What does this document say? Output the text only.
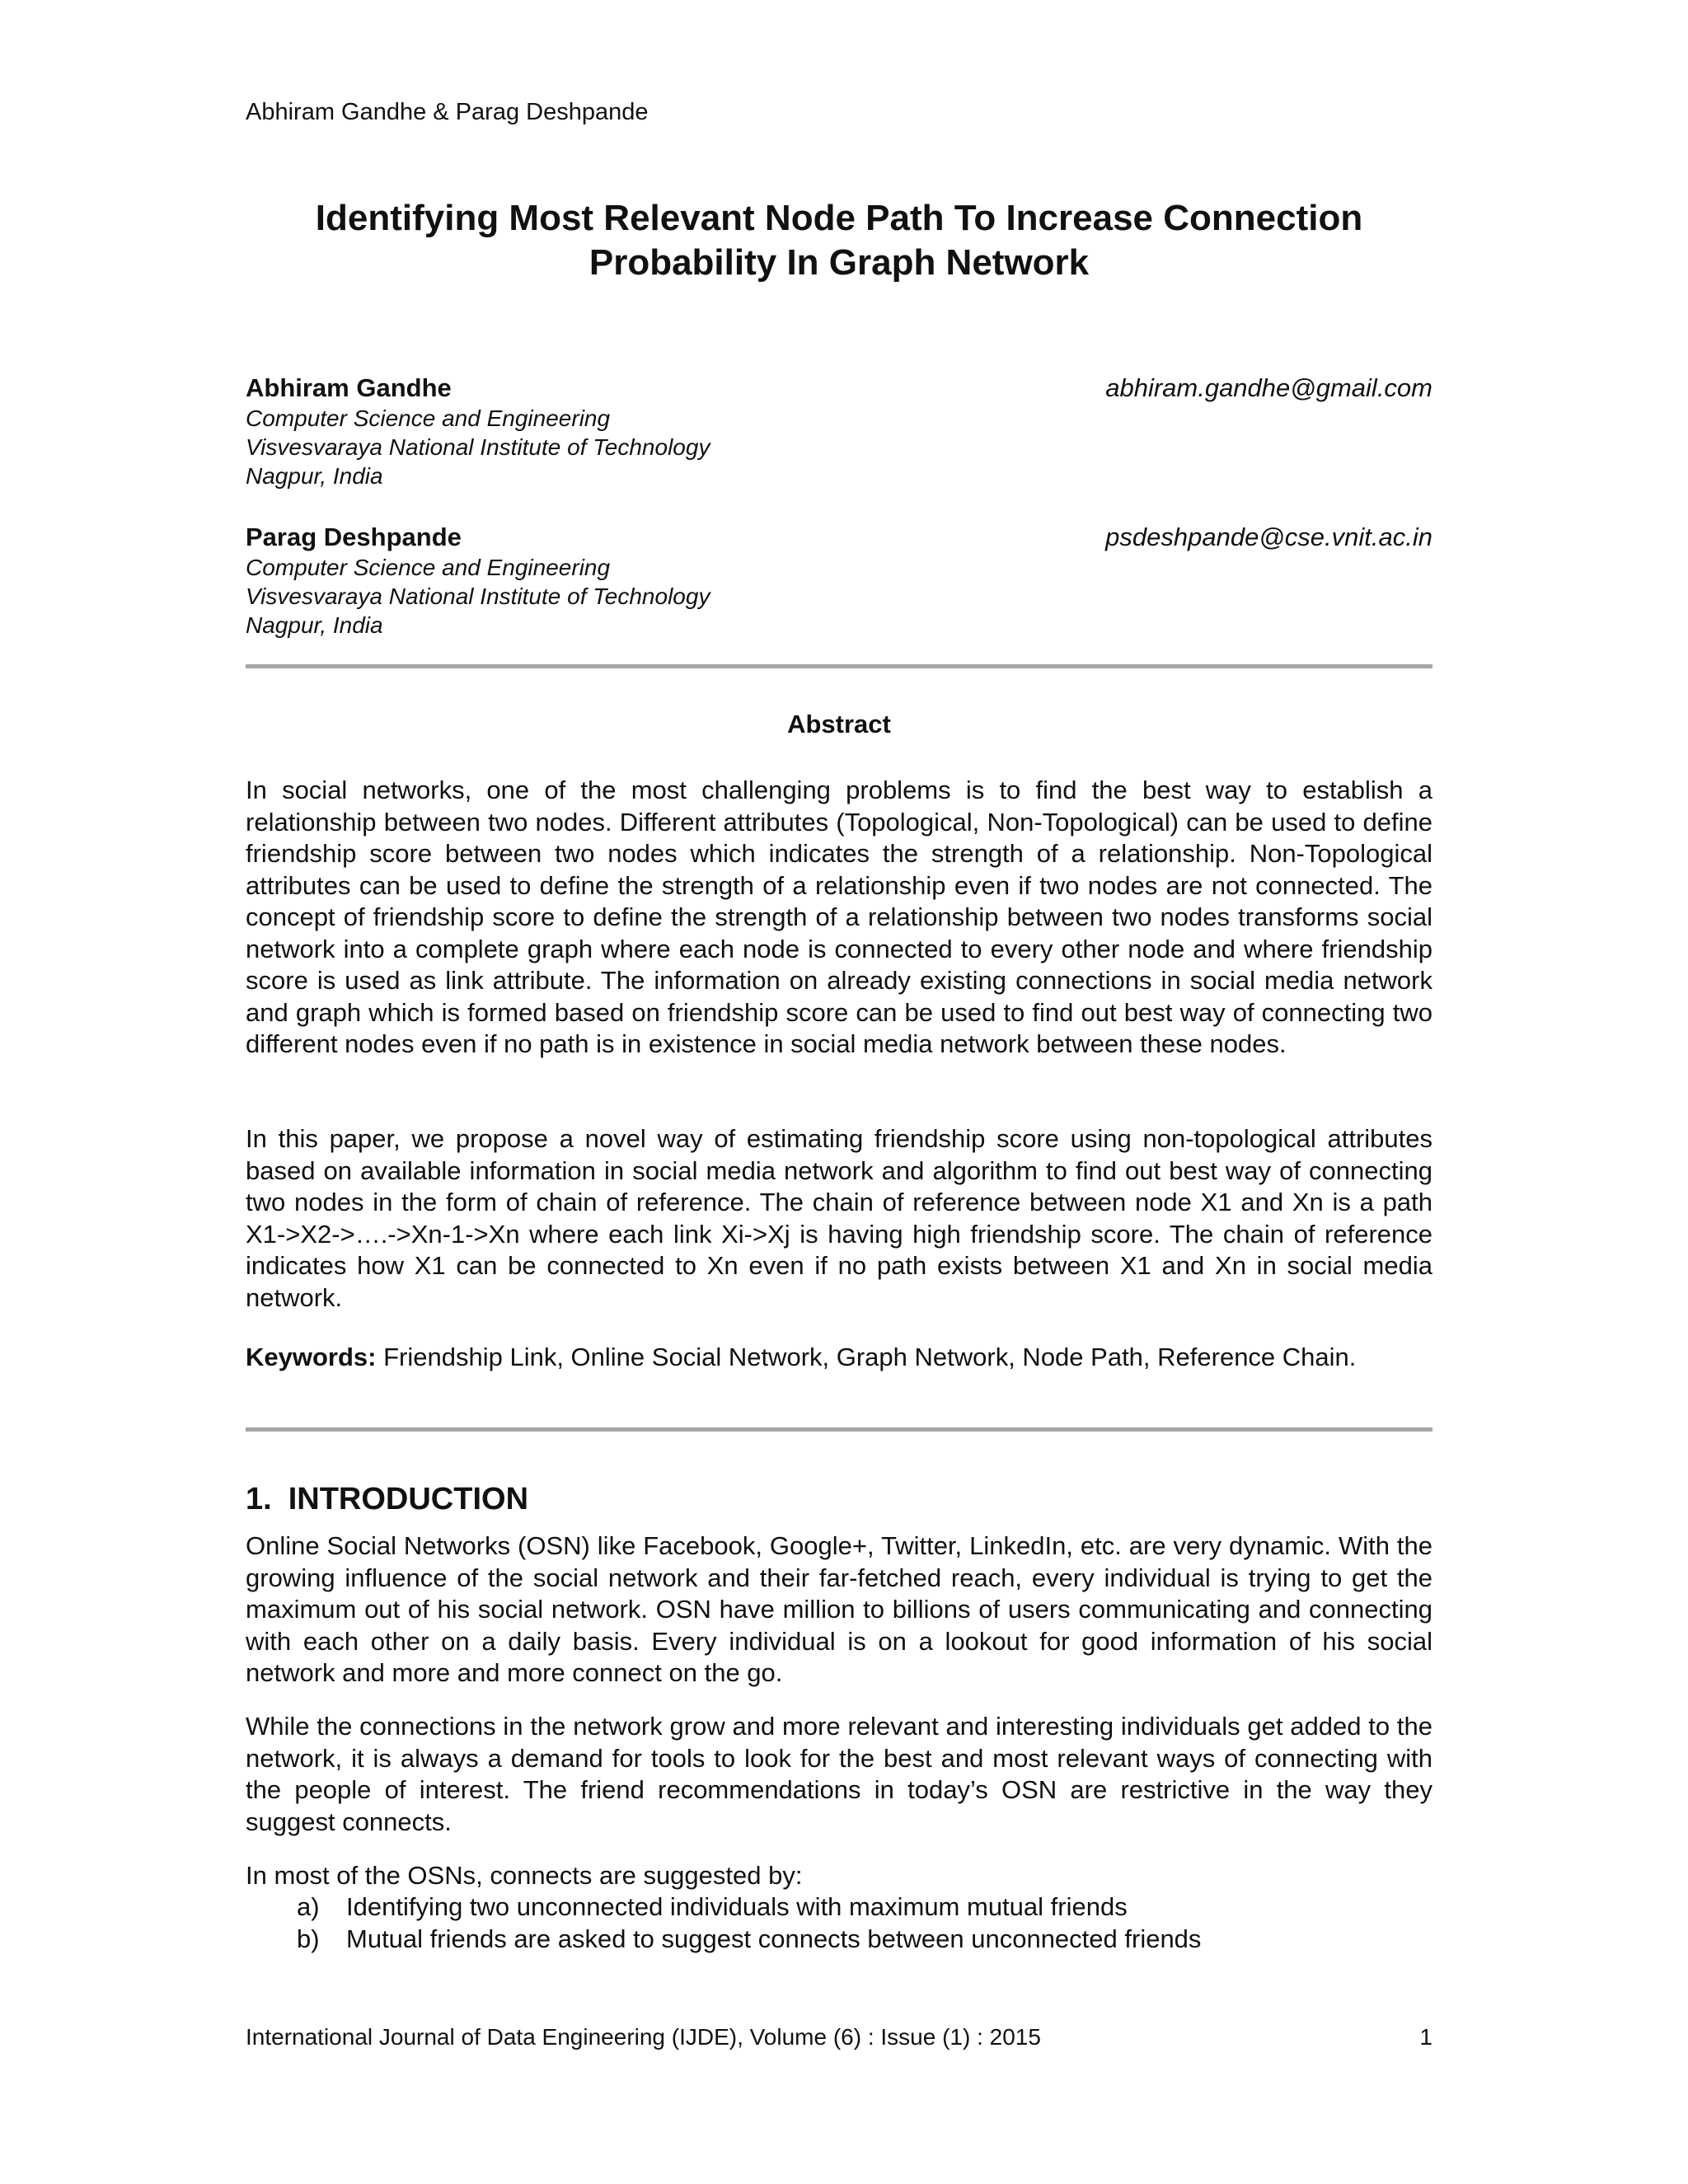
Abhiram Gandhe & Parag Deshpande
Identifying Most Relevant Node Path To Increase Connection
Probability In Graph Network
Abhiram Gandhe	abhiram.gandhe@gmail.com
Computer Science and Engineering
Visvesvaraya National Institute of Technology
Nagpur, India
Parag Deshpande	psdeshpande@cse.vnit.ac.in
Computer Science and Engineering
Visvesvaraya National Institute of Technology
Nagpur, India
Abstract

In social networks, one of the most challenging problems is to find the best way to establish a relationship between two nodes. Different attributes (Topological, Non-Topological) can be used to define friendship score between two nodes which indicates the strength of a relationship. Non-Topological attributes can be used to define the strength of a relationship even if two nodes are not connected. The concept of friendship score to define the strength of a relationship between two nodes transforms social network into a complete graph where each node is connected to every other node and where friendship score is used as link attribute. The information on already existing connections in social media network and graph which is formed based on friendship score can be used to find out best way of connecting two different nodes even if no path is in existence in social media network between these nodes.

In this paper, we propose a novel way of estimating friendship score using non-topological attributes based on available information in social media network and algorithm to find out best way of connecting two nodes in the form of chain of reference. The chain of reference between node X1 and Xn is a path X1->X2->….->Xn-1->Xn where each link Xi->Xj is having high friendship score. The chain of reference indicates how X1 can be connected to Xn even if no path exists between X1 and Xn in social media network.

Keywords: Friendship Link, Online Social Network, Graph Network, Node Path, Reference Chain.

1. INTRODUCTION

Online Social Networks (OSN) like Facebook, Google+, Twitter, LinkedIn, etc. are very dynamic. With the growing influence of the social network and their far-fetched reach, every individual is trying to get the maximum out of his social network. OSN have million to billions of users communicating and connecting with each other on a daily basis. Every individual is on a lookout for good information of his social network and more and more connect on the go.

While the connections in the network grow and more relevant and interesting individuals get added to the network, it is always a demand for tools to look for the best and most relevant ways of connecting with the people of interest. The friend recommendations in today’s OSN are restrictive in the way they suggest connects.

In most of the OSNs, connects are suggested by:

a) Identifying two unconnected individuals with maximum mutual friends
b) Mutual friends are asked to suggest connects between unconnected friends
International Journal of Data Engineering (IJDE), Volume (6) : Issue (1) : 2015	1
